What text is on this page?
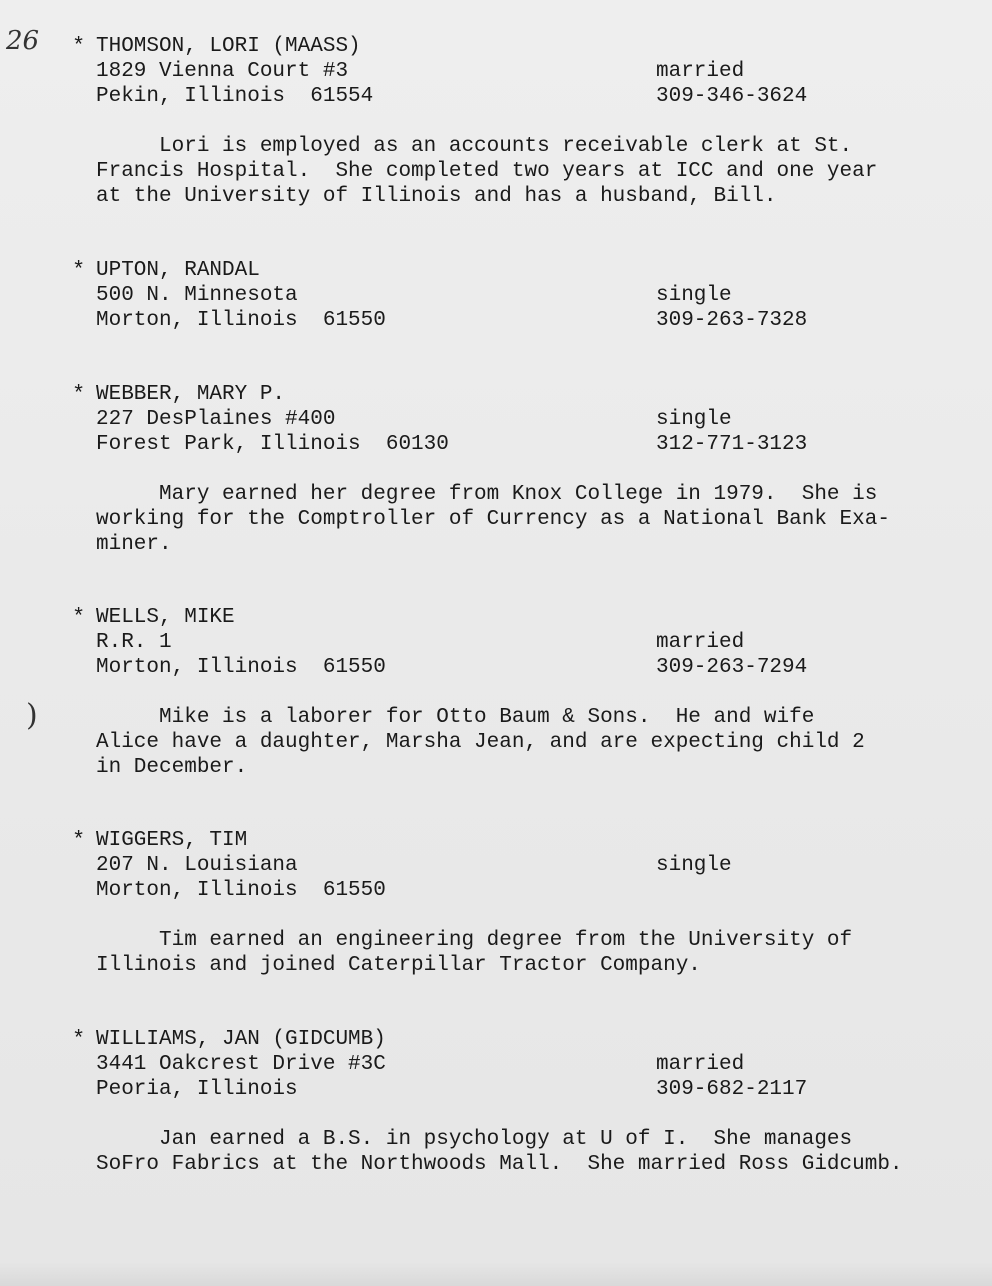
26
)
* THOMSON, LORI (MAASS)
1829 Vienna Court #3	married
Pekin, Illinois  61554	309-346-3624

Lori is employed as an accounts receivable clerk at St.

Francis Hospital.  She completed two years at ICC and one year

at the University of Illinois and has a husband, Bill.

* UPTON, RANDAL
500 N. Minnesota	single
Morton, Illinois  61550	309-263-7328
* WEBBER, MARY P.
227 DesPlaines #400	single
Forest Park, Illinois  60130	312-771-3123

Mary earned her degree from Knox College in 1979.  She is

working for the Comptroller of Currency as a National Bank Exa-

miner.

* WELLS, MIKE
R.R. 1	married
Morton, Illinois  61550	309-263-7294

Mike is a laborer for Otto Baum & Sons.  He and wife

Alice have a daughter, Marsha Jean, and are expecting child 2

in December.

* WIGGERS, TIM
207 N. Louisiana	single
Morton, Illinois  61550

Tim earned an engineering degree from the University of

Illinois and joined Caterpillar Tractor Company.

* WILLIAMS, JAN (GIDCUMB)
3441 Oakcrest Drive #3C	married
Peoria, Illinois	309-682-2117

Jan earned a B.S. in psychology at U of I.  She manages

SoFro Fabrics at the Northwoods Mall.  She married Ross Gidcumb.
